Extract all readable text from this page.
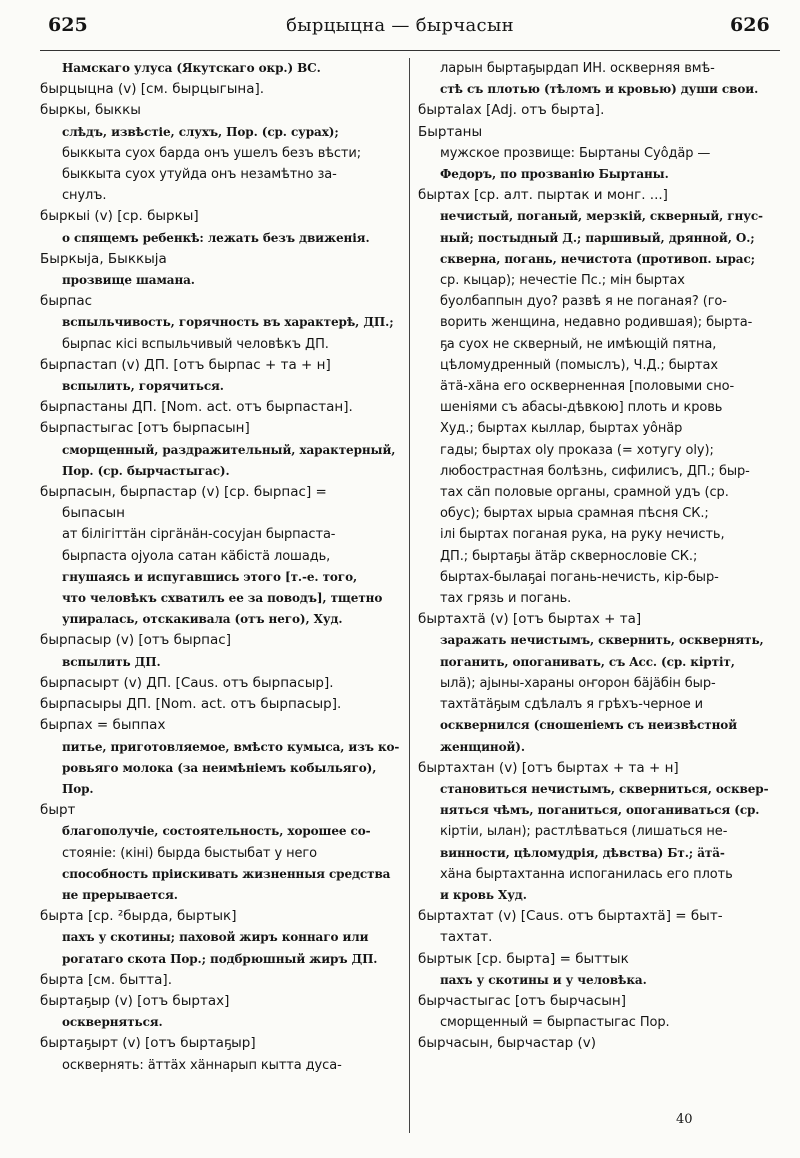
625	бырцыцна — бырчасын	626
Намскаго улуса (Якутскаго окр.) ВС.
бырцыцна (v) [см. бырцыгына].
быркы, быккы
слѣдъ, извѣстіе, слухъ, Пор. (ср. сурах);
быккыта суох барда онъ ушелъ безъ вѣсти;
быккыта суох утуйда онъ незамѣтно за-
снулъ.
быркыi (v) [ср. быркы]
о спящемъ ребенкѣ: лежать безъ движенія.
Быркыja, Быккыja
прозвище шамана.
бырпас
вспыльчивость, горячность въ характерѣ, ДП.;
бырпас кiсi вспыльчивый человѣкъ ДП.
бырпастап (v) ДП. [отъ бырпас + та + н]
вспылить, горячиться.
бырпастаны ДП. [Nom. act. отъ бырпастан].
бырпастыгас [отъ бырпасын]
сморщенный, раздражительный, характерный,
Пор. (ср. бырчастыгас).
бырпасын, бырпастар (v) [ср. бырпас] =
быпасын
ат бiлiгiттäн сiргäнäн-сосуjан бырпаста-
бырпаста ojуола сатан кäбiстä лошадь,
гнушаясь и испугавшись этого [т.-е. того,
что человѣкъ схватилъ ее за поводъ], тщетно
упиралась, отскакивала (отъ него), Худ.
бырпасыр (v) [отъ бырпас]
вспылить ДП.
бырпасырт (v) ДП. [Caus. отъ бырпасыр].
бырпасыры ДП. [Nom. act. отъ бырпасыр].
бырпах = быппах
питье, приготовляемое, вмѣсто кумыса, изъ ко-
ровьяго молока (за неимѣніемъ кобыльяго),
Пор.
бырт
благополучіе, состоятельность, хорошее со-
стояніе: (кiнi) бырда быстыбат у него
способность пріискивать жизненныя средства
не прерывается.
бырта [ср. ²бырда, быртык]
пахъ у скотины; паховой жиръ коннаго или
рогатаго скота Пор.; подбрюшный жиръ ДП.
бырта [см. бытта].
быртаҕыр (v) [отъ быртах]
оскверняться.
быртаҕырт (v) [отъ быртаҕыр]
осквернять: äттäх хäннарып кытта дуса-
ларын быртаҕырдап ИН. оскверняя вмѣ-
стѣ съ плотью (тѣломъ и кровью) души свои.
быртаlах [Adj. отъ бырта].
Быртаны
мужское прозвище: Быртаны Суôдäр —
Федоръ, по прозванію Быртаны.
быртах [ср. алт. пыртак и монг. ...]
нечистый, поганый, мерзкій, скверный, гнус-
ный; постыдный Д.; паршивый, дрянной, О.;
скверна, погань, нечистота (противоп. ырас;
ср. кыцар); нечестіе Пс.; мiн быртах
буолбаппын дуо? развѣ я не поганая? (го-
ворить женщина, недавно родившая); бырта-
ҕа суох не скверный, не имѣющій пятна,
цѣломудренный (помыслъ), Ч.Д.; быртах
äтä-хäна его оскверненная [половыми сно-
шеніями съ абасы-дѣвкою] плоть и кровь
Худ.; быртах кыллар, быртах уôнäр
гады; быртах оlу проказа (= хотугу оlу);
любострастная болѣзнь, сифилисъ, ДП.; быр-
тах сäп половые органы, срамной удъ (ср.
обус); быртах ырыа срамная пѣсня СК.;
iлi быртах поганая рука, на руку нечисть,
ДП.; быртаҕы äтäр сквернословіе СК.;
быртах-былаҕаi погань-нечисть, кiр-быр-
тах грязь и погань.
быртахтä (v) [отъ быртах + та]
заражать нечистымъ, сквернить, осквернять,
поганить, опоганивать, съ Acc. (ср. кiртiт,
ылä); аjыны-хараны оҥорон бäjäбiн быр-
тахтäтäҕым сдѣлалъ я грѣхъ-черное и
осквернился (сношеніемъ съ неизвѣстной
женщиной).
быртахтан (v) [отъ быртах + та + н]
становиться нечистымъ, скверниться, осквер-
няться чѣмъ, поганиться, опоганиваться (ср.
кiртiи, ылан); растлѣваться (лишаться не-
винности, цѣломудрія, дѣвства) Бт.; äтä-
хäна быртахтанна испоганилась его плоть
и кровь Худ.
быртахтат (v) [Caus. отъ быртахтä] = быт-
тахтат.
быртык [ср. бырта] = быттык
пахъ у скотины и у человѣка.
бырчастыгас [отъ бырчасын]
сморщенный = бырпастыгас Пор.
бырчасын, бырчастар (v)
40
